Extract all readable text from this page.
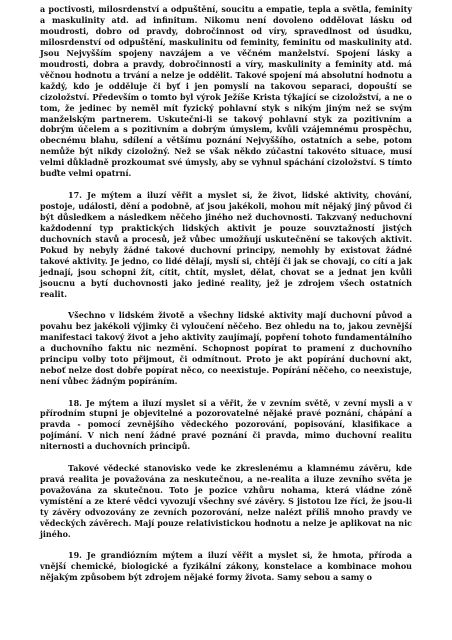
a poctivosti, milosrdenství a odpuštění, soucitu a empatie, tepla a světla, feminity a maskulinity atd. ad infinitum. Nikomu není dovoleno oddělovat lásku od moudrosti, dobro od pravdy, dobročinnost od víry, spravedlnost od úsudku, milosrdenství od odpuštění, maskulinitu od feminity, feminitu od maskulinity atd. Jsou Nejvyšším spojeny navzájem a ve věčném manželství. Spojení lásky a moudrosti, dobra a pravdy, dobročinnosti a víry, maskulinity a feminity atd. má věčnou hodnotu a trvání a nelze je oddělit. Takové spojení má absolutní hodnotu a každý, kdo je odděluje či byť i jen pomyslí na takovou separaci, dopouští se cizoložství. Především o tomto byl výrok Ježíše Krista týkající se cizoložství, a ne o tom, že jedinec by neměl mít fyzický pohlavní styk s nikým jiným než se svým manželským partnerem. Uskutečni-li se takový pohlavní styk za pozitivním a dobrým účelem a s pozitivním a dobrým úmyslem, kvůli vzájemnému prospěchu, obecnému blahu, sdílení a většímu poznání Nejvyššího, ostatních a sebe, potom nemůže být nikdy cizoložný. Než se však někdo zúčastní takovéto situace, musí velmi důkladně prozkoumat své úmysly, aby se vyhnul spáchání cizoložství. S tímto buďte velmi opatrní.

17. Je mýtem a iluzí věřit a myslet si, že život, lidské aktivity, chování, postoje, události, dění a podobně, ať jsou jakékoli, mohou mít nějaký jiný původ či být důsledkem a následkem něčeho jiného než duchovnosti. Takzvaný neduchovní každodenní typ praktických lidských aktivit je pouze souvztažností jistých duchovních stavů a procesů, jež vůbec umožňují uskutečnění se takových aktivit. Pokud by nebyly žádné takové duchovní principy, nemohly by existovat žádné takové aktivity. Je jedno, co lidé dělají, myslí si, chtějí či jak se chovají, co cítí a jak jednají, jsou schopni žít, cítit, chtít, myslet, dělat, chovat se a jednat jen kvůli jsoucnu a bytí duchovnosti jako jediné reality, jež je zdrojem všech ostatních realit.

Všechno v lidském životě a všechny lidské aktivity mají duchovní původ a povahu bez jakékoli výjimky či vyloučení něčeho. Bez ohledu na to, jakou zevnější manifestaci takový život a jeho aktivity zaujímají, popření tohoto fundamentálního a duchovního faktu nic nezmění. Schopnost popírat to pramení z duchovního principu volby toto přijmout, či odmítnout. Proto je akt popírání duchovní akt, neboť nelze dost dobře popírat něco, co neexistuje. Popírání něčeho, co neexistuje, není vůbec žádným popíráním.

18. Je mýtem a iluzí myslet si a věřit, že v zevním světě, v zevní mysli a v přírodním stupni je objevitelné a pozorovatelné nějaké pravé poznání, chápání a pravda - pomocí zevnějšího vědeckého pozorování, popisování, klasifikace a pojímání. V nich není žádné pravé poznání či pravda, mimo duchovní realitu niternosti a duchovních principů.

Takové vědecké stanovisko vede ke zkreslenému a klamnému závěru, kde pravá realita je považována za neskutečnou, a ne-realita a iluze zevního světa je považována za skutečnou. Toto je pozice vzhůru nohama, která vládne zóně vymístění a ze které vědci vyvozují všechny své závěry. S jistotou lze říci, že jsou-li ty závěry odvozovány ze zevních pozorování, nelze nalézt příliš mnoho pravdy ve vědeckých závěrech. Mají pouze relativistickou hodnotu a nelze je aplikovat na nic jiného.

19. Je grandiózním mýtem a iluzí věřit a myslet si, že hmota, příroda a vnější chemické, biologické a fyzikální zákony, konstelace a kombinace mohou nějakým způsobem být zdrojem nějaké formy života. Samy sebou a samy o
